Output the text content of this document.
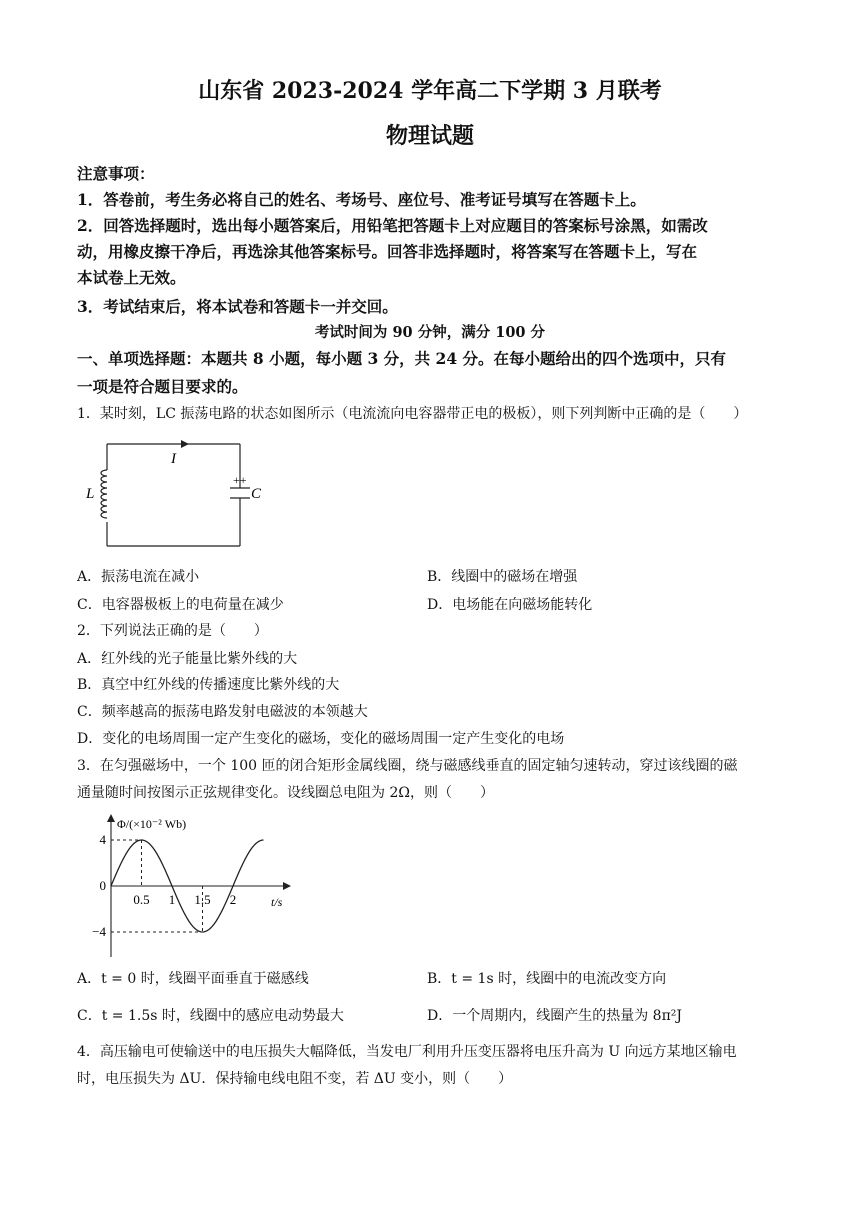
山东省 2023-2024 学年高二下学期 3 月联考
物理试题
注意事项：
1．答卷前，考生务必将自己的姓名、考场号、座位号、准考证号填写在答题卡上。
2．回答选择题时，选出每小题答案后，用铅笔把答题卡上对应题目的答案标号涂黑，如需改
动，用橡皮擦干净后，再选涂其他答案标号。回答非选择题时，将答案写在答题卡上，写在
本试卷上无效。
3．考试结束后，将本试卷和答题卡一并交回。
考试时间为 90 分钟，满分 100 分
一、单项选择题：本题共 8 小题，每小题 3 分，共 24 分。在每小题给出的四个选项中，只有
一项是符合题目要求的。
1．某时刻，LC 振荡电路的状态如图所示（电流流向电容器带正电的极板），则下列判断中正确的是（　　）
L
I
++
C
A．振荡电流在减小	B．线圈中的磁场在增强
C．电容器极板上的电荷量在减少	D．电场能在向磁场能转化
2．下列说法正确的是（　　）
A．红外线的光子能量比紫外线的大
B．真空中红外线的传播速度比紫外线的大
C．频率越高的振荡电路发射电磁波的本领越大
D．变化的电场周围一定产生变化的磁场，变化的磁场周围一定产生变化的电场
3．在匀强磁场中，一个 100 匝的闭合矩形金属线圈，绕与磁感线垂直的固定轴匀速转动，穿过该线圈的磁
通量随时间按图示正弦规律变化。设线圈总电阻为 2Ω，则（　　）
Φ/(×10⁻² Wb)
t/s
4
0
−4
0.5 1 1.5 2
A．t = 0 时，线圈平面垂直于磁感线	B．t = 1s 时，线圈中的电流改变方向
C．t = 1.5s 时，线圈中的感应电动势最大	D．一个周期内，线圈产生的热量为 8π²J
4．高压输电可使输送中的电压损失大幅降低，当发电厂利用升压变压器将电压升高为 U 向远方某地区输电
时，电压损失为 ΔU．保持输电线电阻不变，若 ΔU 变小，则（　　）
